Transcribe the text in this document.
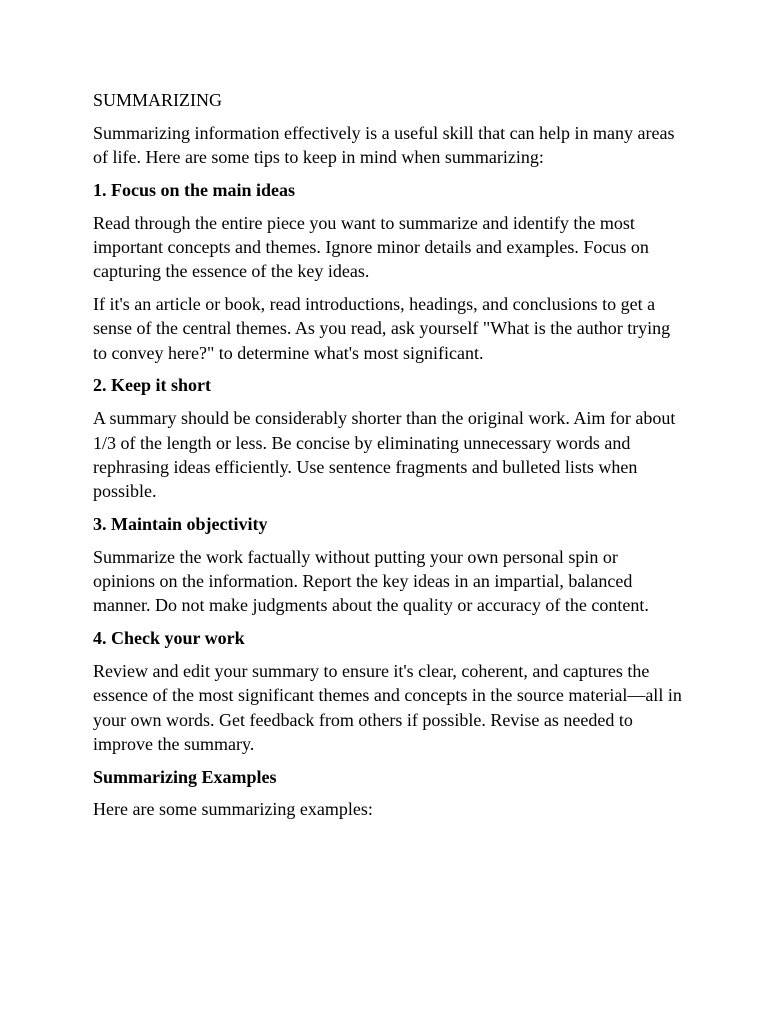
SUMMARIZING

Summarizing information effectively is a useful skill that can help in many areas of life. Here are some tips to keep in mind when summarizing:

1. Focus on the main ideas

Read through the entire piece you want to summarize and identify the most important concepts and themes. Ignore minor details and examples. Focus on capturing the essence of the key ideas.

If it's an article or book, read introductions, headings, and conclusions to get a sense of the central themes. As you read, ask yourself "What is the author trying to convey here?" to determine what's most significant.

2. Keep it short

A summary should be considerably shorter than the original work. Aim for about 1/3 of the length or less. Be concise by eliminating unnecessary words and rephrasing ideas efficiently. Use sentence fragments and bulleted lists when possible.

3. Maintain objectivity

Summarize the work factually without putting your own personal spin or opinions on the information. Report the key ideas in an impartial, balanced manner. Do not make judgments about the quality or accuracy of the content.

4. Check your work

Review and edit your summary to ensure it's clear, coherent, and captures the essence of the most significant themes and concepts in the source material—all in your own words. Get feedback from others if possible. Revise as needed to improve the summary.

Summarizing Examples

Here are some summarizing examples:
